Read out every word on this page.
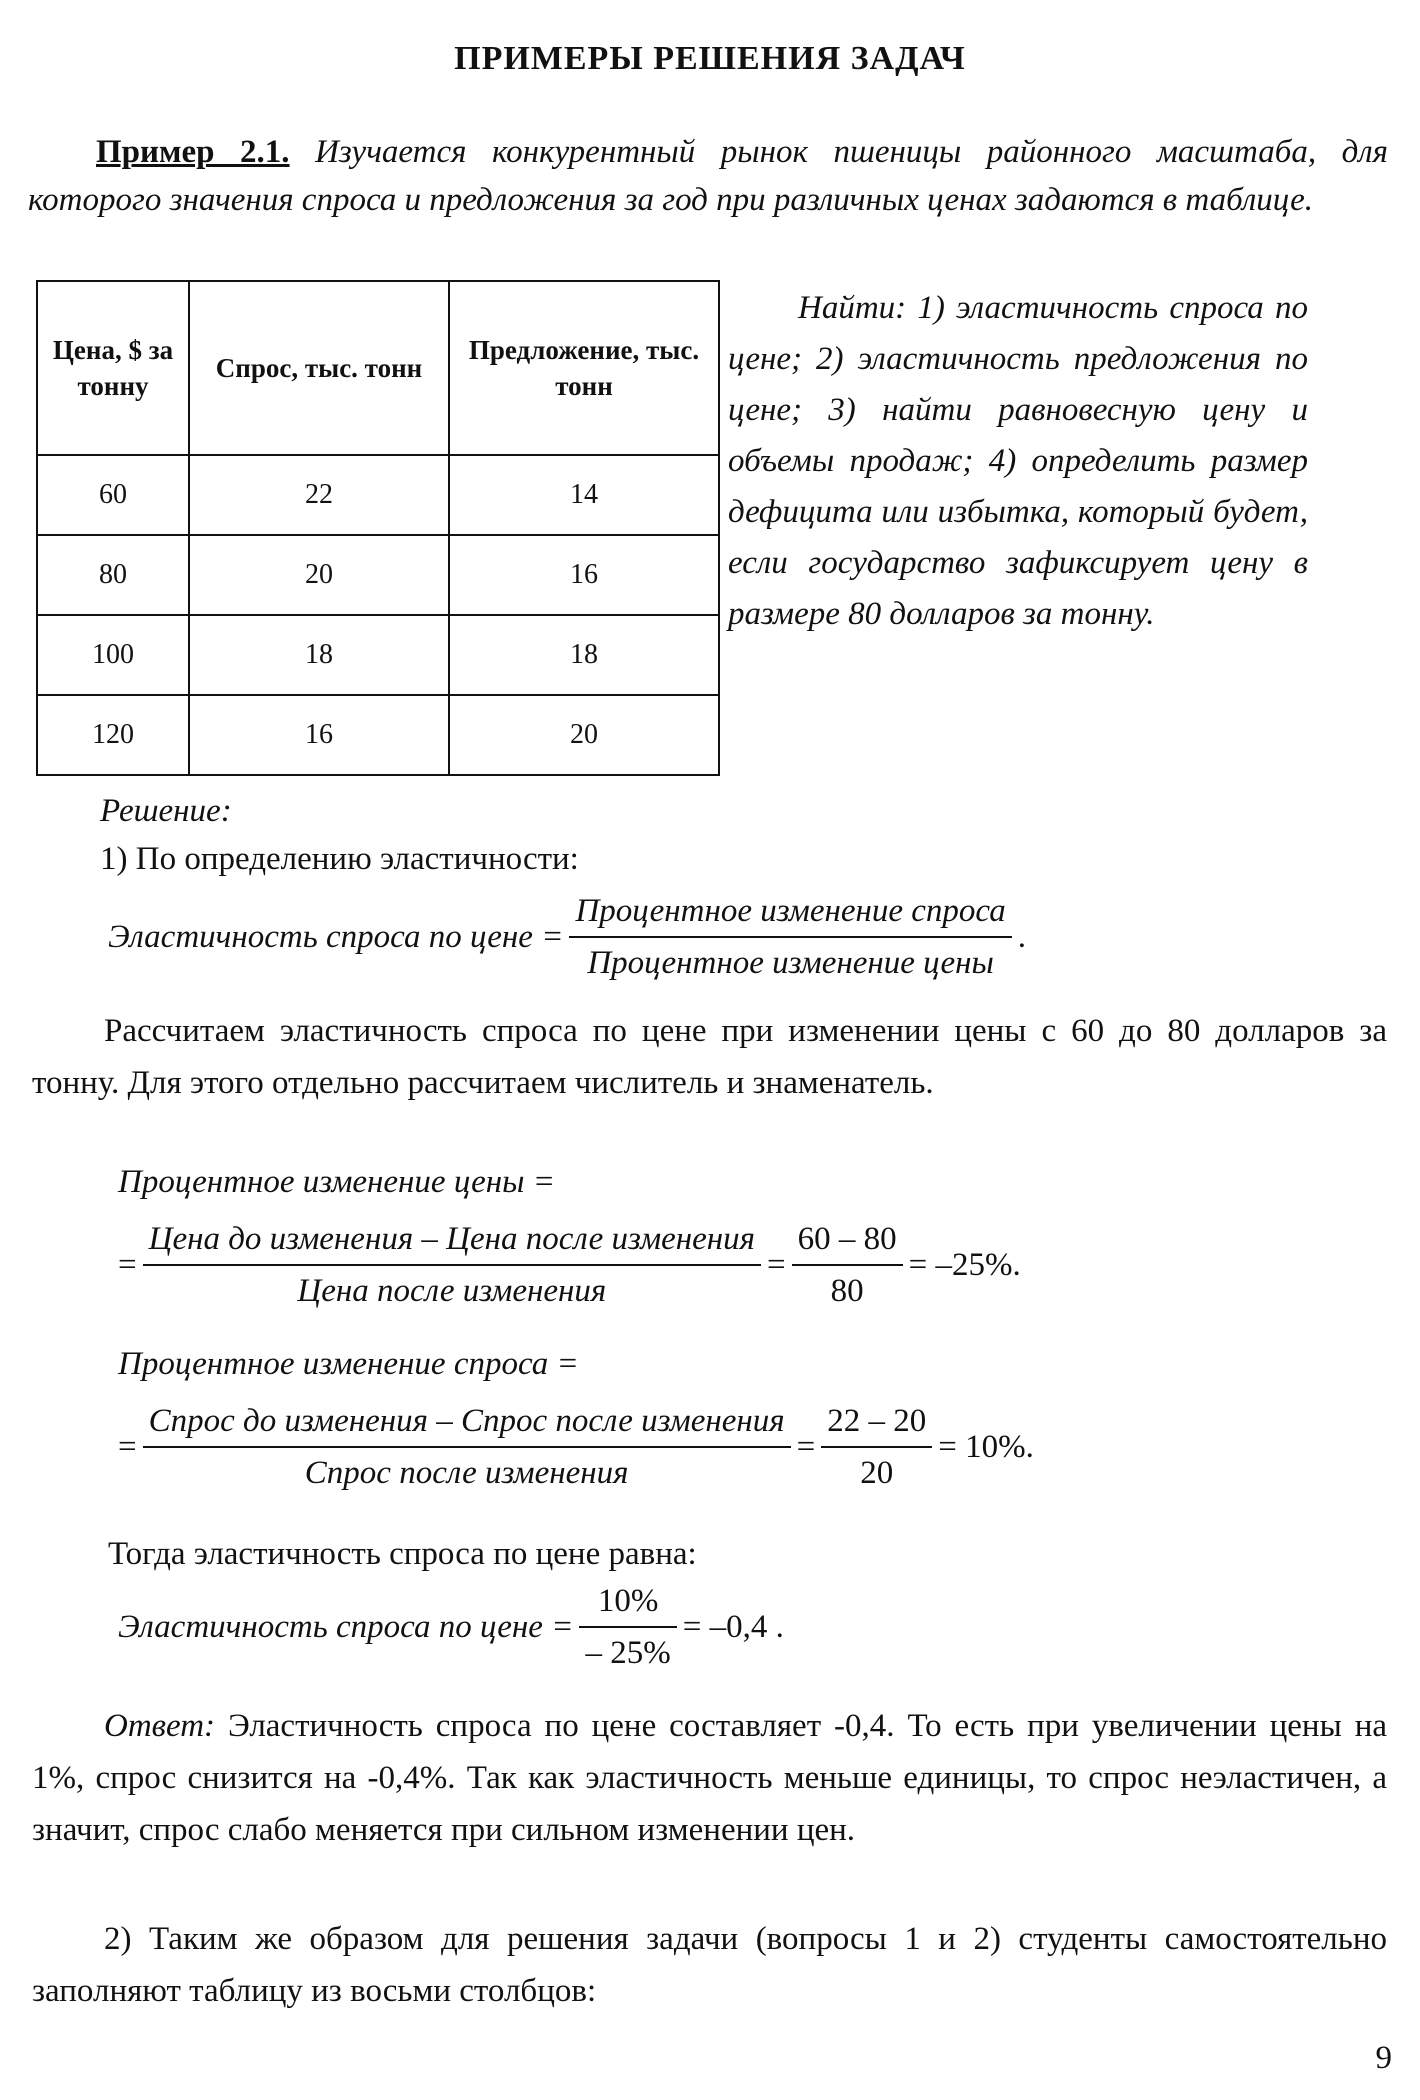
ПРИМЕРЫ РЕШЕНИЯ ЗАДАЧ
Пример 2.1. Изучается конкурентный рынок пшеницы районного масштаба, для которого значения спроса и предложения за год при различных ценах задаются в таблице.
Цена, $ за тонну	Спрос, тыс. тонн	Предложение, тыс. тонн
60	22	14
80	20	16
100	18	18
120	16	20
Найти: 1) эластичность спроса по цене; 2) эластичность предложения по цене; 3) найти равновесную цену и объемы продаж; 4) определить размер дефицита или избытка, который будет, если государство зафиксирует цену в размере 80 долларов за тонну.
Решение:
1) По определению эластичности:
Эластичность спроса по цене = $\frac{\text{Процентное изменение спроса}}{\text{Процентное изменение цены}}$ .
Рассчитаем эластичность спроса по цене при изменении цены с 60 до 80 долларов за тонну. Для этого отдельно рассчитаем числитель и знаменатель.
Процентное изменение цены =
= $\frac{\text{Цена до изменения – Цена после изменения}}{\text{Цена после изменения}} = \frac{60 - 80}{80} = -25\%$ .
Процентное изменение спроса =
= $\frac{\text{Спрос до изменения – Спрос после изменения}}{\text{Спрос после изменения}} = \frac{22 - 20}{20} = 10\%$ .
Тогда эластичность спроса по цене равна:
Эластичность спроса по цене = $\frac{10\%}{- 25\%} = -0,4$ .
Ответ: Эластичность спроса по цене составляет -0,4. То есть при увеличении цены на 1%, спрос снизится на -0,4%. Так как эластичность меньше единицы, то спрос неэластичен, а значит, спрос слабо меняется при сильном изменении цен.
2) Таким же образом для решения задачи (вопросы 1 и 2) студенты самостоятельно заполняют таблицу из восьми столбцов:
9
